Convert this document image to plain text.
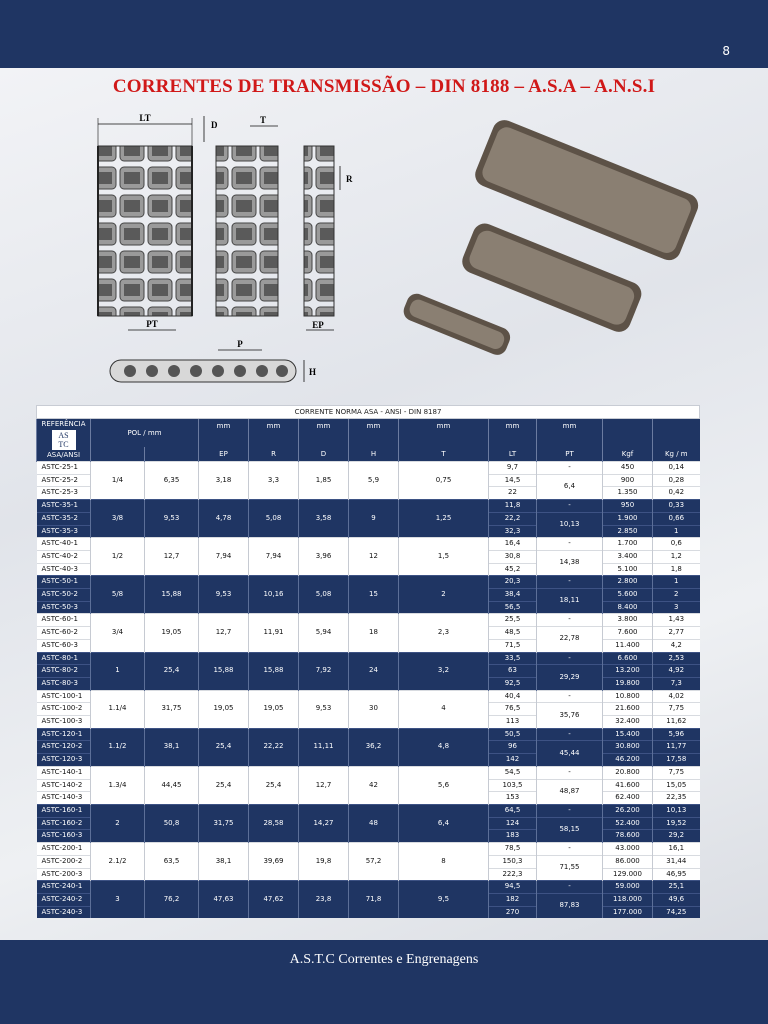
8
CORRENTES DE TRANSMISSÃO – DIN 8188 – A.S.A – A.N.S.I
LT
D	T
R
PT	EP
P
H
CORRENTE NORMA ASA - ANSI - DIN 8187											

REFERÊNCIA
AS
TC
ASA/ANSI	POL / mm		mm	mm	mm	mm	mm	mm	mm		

			EP	R	D	H	T	LT	PT	Kgf	Kg / m
ASTC-25-1	1/4	6,35	3,18	3,3	1,85	5,9	0,75	9,7	-	450	0,14
ASTC-25-2								14,5	6,4	900	0,28
ASTC-25-3								22		1.350	0,42
ASTC-35-1	3/8	9,53	4,78	5,08	3,58	9	1,25	11,8	-	950	0,33
ASTC-35-2								22,2	10,13	1.900	0,66
ASTC-35-3								32,3		2.850	1
ASTC-40-1	1/2	12,7	7,94	7,94	3,96	12	1,5	16,4	-	1.700	0,6
ASTC-40-2								30,8	14,38	3.400	1,2
ASTC-40-3								45,2		5.100	1,8
ASTC-50-1	5/8	15,88	9,53	10,16	5,08	15	2	20,3	-	2.800	1
ASTC-50-2								38,4	18,11	5.600	2
ASTC-50-3								56,5		8.400	3
ASTC-60-1	3/4	19,05	12,7	11,91	5,94	18	2,3	25,5	-	3.800	1,43
ASTC-60-2								48,5	22,78	7.600	2,77
ASTC-60-3								71,5		11.400	4,2
ASTC-80-1	1	25,4	15,88	15,88	7,92	24	3,2	33,5	-	6.600	2,53
ASTC-80-2								63	29,29	13.200	4,92
ASTC-80-3								92,5		19.800	7,3
ASTC-100-1	1.1/4	31,75	19,05	19,05	9,53	30	4	40,4	-	10.800	4,02
ASTC-100-2								76,5	35,76	21.600	7,75
ASTC-100-3								113		32.400	11,62
ASTC-120-1	1.1/2	38,1	25,4	22,22	11,11	36,2	4,8	50,5	-	15.400	5,96
ASTC-120-2								96	45,44	30.800	11,77
ASTC-120-3								142		46.200	17,58
ASTC-140-1	1.3/4	44,45	25,4	25,4	12,7	42	5,6	54,5	-	20.800	7,75
ASTC-140-2								103,5	48,87	41.600	15,05
ASTC-140-3								153		62.400	22,35
ASTC-160-1	2	50,8	31,75	28,58	14,27	48	6,4	64,5	-	26.200	10,13
ASTC-160-2								124	58,15	52.400	19,52
ASTC-160-3								183		78.600	29,2
ASTC-200-1	2.1/2	63,5	38,1	39,69	19,8	57,2	8	78,5	-	43.000	16,1
ASTC-200-2								150,3	71,55	86.000	31,44
ASTC-200-3								222,3		129.000	46,95
ASTC-240-1	3	76,2	47,63	47,62	23,8	71,8	9,5	94,5	-	59.000	25,1
ASTC-240-2								182	87,83	118.000	49,6
ASTC-240-3								270		177.000	74,25
A.S.T.C Correntes e Engrenagens
